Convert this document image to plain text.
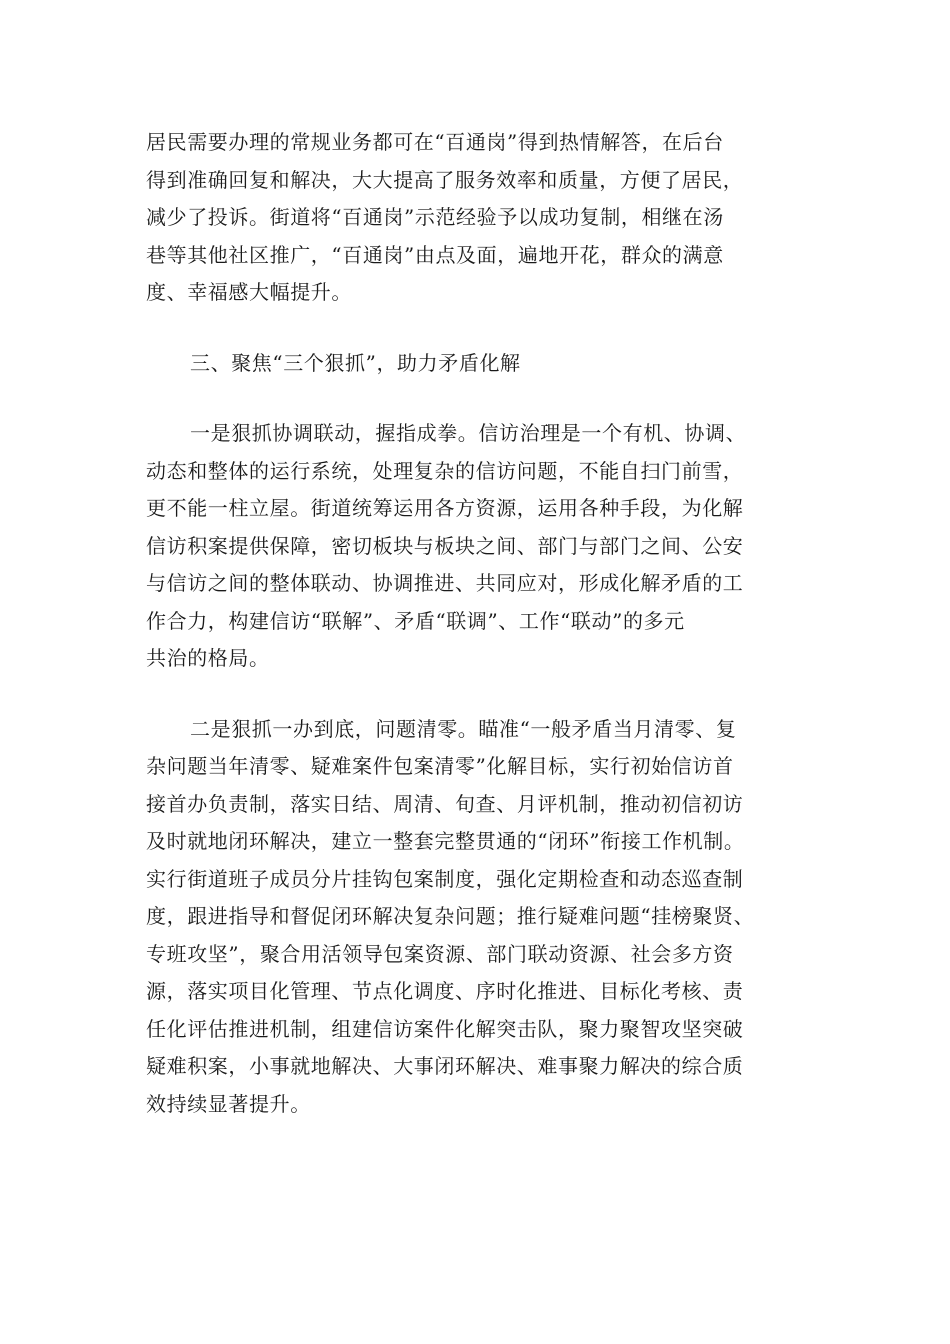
居民需要办理的常规业务都可在“百通岗”得到热情解答，在后台
得到准确回复和解决，大大提高了服务效率和质量，方便了居民，
减少了投诉。街道将“百通岗”示范经验予以成功复制，相继在汤
巷等其他社区推广，“百通岗”由点及面，遍地开花，群众的满意
度、幸福感大幅提升。
三、聚焦“三个狠抓”，助力矛盾化解
一是狠抓协调联动，握指成拳。信访治理是一个有机、协调、
动态和整体的运行系统，处理复杂的信访问题，不能自扫门前雪，
更不能一柱立屋。街道统筹运用各方资源，运用各种手段，为化解
信访积案提供保障，密切板块与板块之间、部门与部门之间、公安
与信访之间的整体联动、协调推进、共同应对，形成化解矛盾的工
作合力，构建信访“联解”、矛盾“联调”、工作“联动”的多元
共治的格局。
二是狠抓一办到底，问题清零。瞄准“一般矛盾当月清零、复
杂问题当年清零、疑难案件包案清零”化解目标，实行初始信访首
接首办负责制，落实日结、周清、旬查、月评机制，推动初信初访
及时就地闭环解决，建立一整套完整贯通的“闭环”衔接工作机制。
实行街道班子成员分片挂钩包案制度，强化定期检查和动态巡查制
度，跟进指导和督促闭环解决复杂问题；推行疑难问题“挂榜聚贤、
专班攻坚”，聚合用活领导包案资源、部门联动资源、社会多方资
源，落实项目化管理、节点化调度、序时化推进、目标化考核、责
任化评估推进机制，组建信访案件化解突击队，聚力聚智攻坚突破
疑难积案，小事就地解决、大事闭环解决、难事聚力解决的综合质
效持续显著提升。
